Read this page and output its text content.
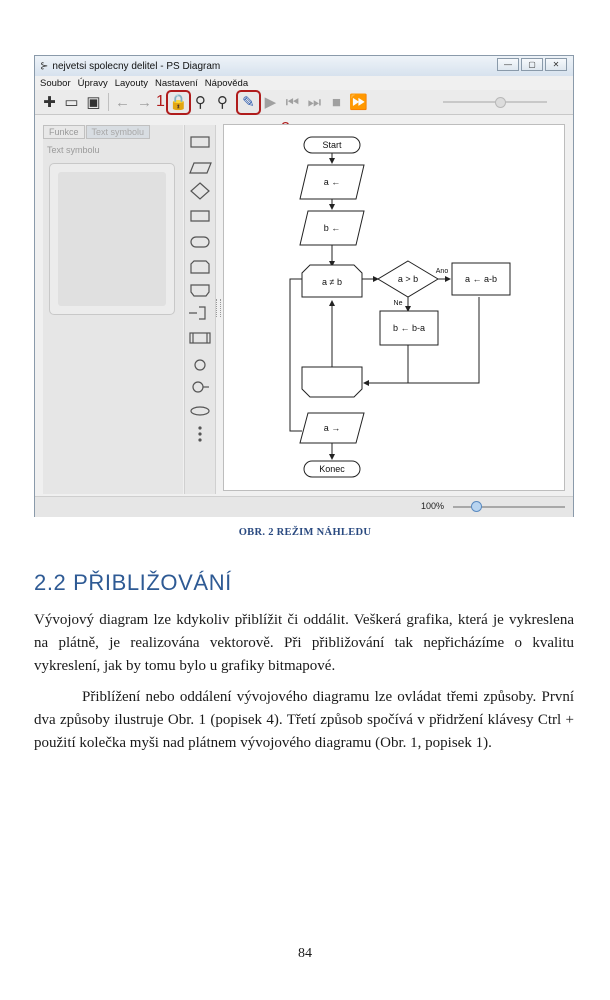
⊱ nejvetsi spolecny delitel - PS Diagram	—	▢	✕
Soubor Úpravy Layouty Nastavení Nápověda
✚ ▭ ▣ ← → 1 🔒 ⚲ ⚲ ✎ ▶ ⏮ ⏭ ■ ⏩
Funkce	Text symbolu
Text symbolu	Start
a ←
b ←
a ≠ b	a > b	a ← a-b
b ← b-a
a →
Konec
Ano
Ne
100%
OBR. 2 REŽIM NÁHLEDU
2.2 PŘIBLIŽOVÁNÍ

Vývojový diagram lze kdykoliv přiblížit či oddálit. Veškerá grafika, která je vykreslena na plátně, je realizována vektorově. Při přibližování tak nepřicházíme o kvalitu vykreslení, jak by tomu bylo u grafiky bitmapové.

Přiblížení nebo oddálení vývojového diagramu lze ovládat třemi způsoby. První dva způsoby ilustruje Obr. 1 (popisek 4). Třetí způsob spočívá v přidržení klávesy Ctrl + použití kolečka myši nad plátnem vývojového diagramu (Obr. 1, popisek 1).

84
